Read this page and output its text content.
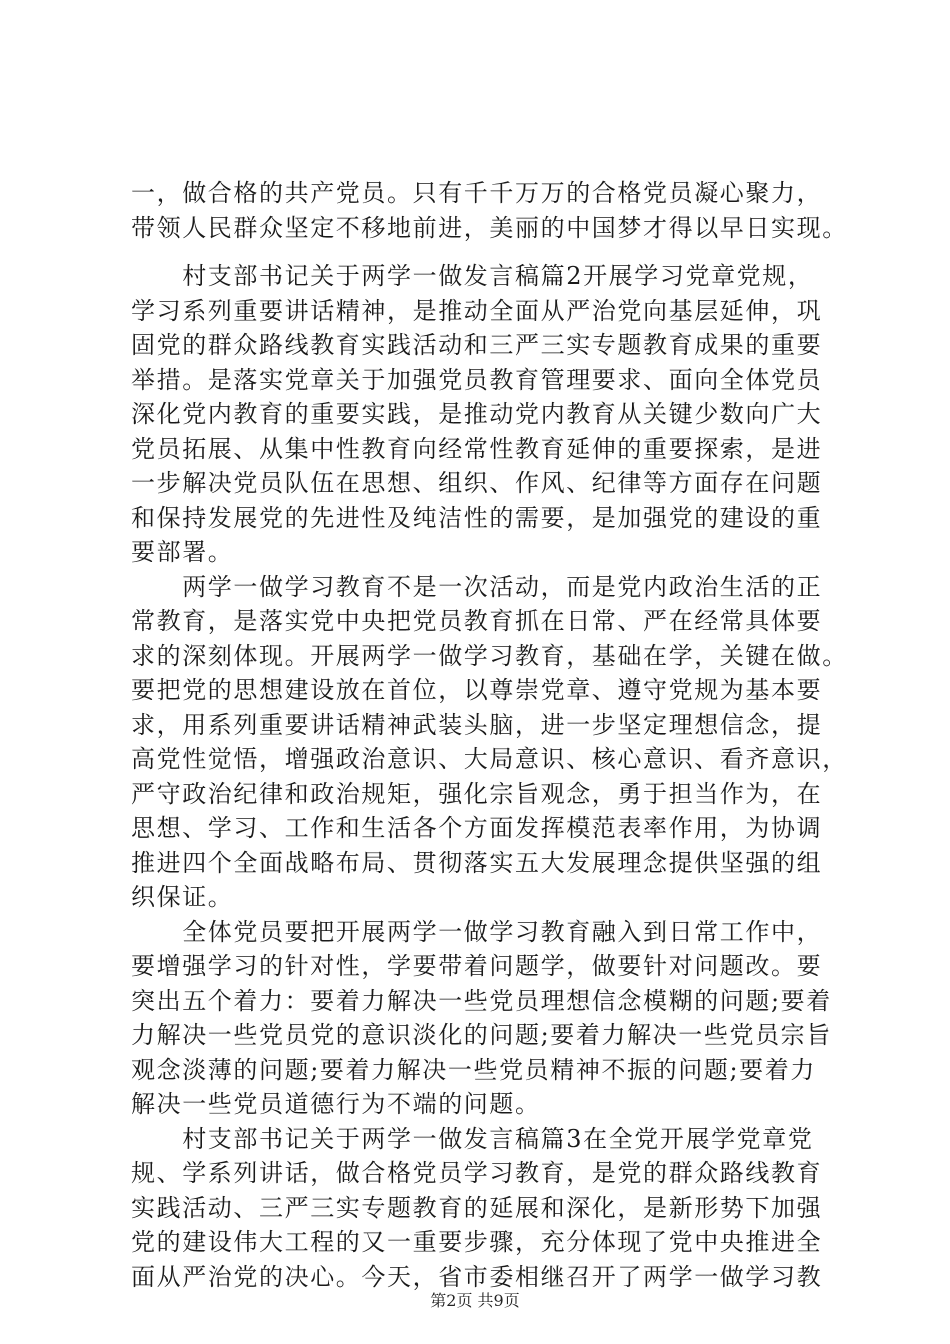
一，做合格的共产党员。只有千千万万的合格党员凝心聚力，
带领人民群众坚定不移地前进，美丽的中国梦才得以早日实现。
　　村支部书记关于两学一做发言稿篇2开展学习党章党规，
学习系列重要讲话精神，是推动全面从严治党向基层延伸，巩
固党的群众路线教育实践活动和三严三实专题教育成果的重要
举措。是落实党章关于加强党员教育管理要求、面向全体党员
深化党内教育的重要实践，是推动党内教育从关键少数向广大
党员拓展、从集中性教育向经常性教育延伸的重要探索，是进
一步解决党员队伍在思想、组织、作风、纪律等方面存在问题
和保持发展党的先进性及纯洁性的需要，是加强党的建设的重
要部署。
　　两学一做学习教育不是一次活动，而是党内政治生活的正
常教育，是落实党中央把党员教育抓在日常、严在经常具体要
求的深刻体现。开展两学一做学习教育，基础在学，关键在做。
要把党的思想建设放在首位，以尊崇党章、遵守党规为基本要
求，用系列重要讲话精神武装头脑，进一步坚定理想信念，提
高党性觉悟，增强政治意识、大局意识、核心意识、看齐意识，
严守政治纪律和政治规矩，强化宗旨观念，勇于担当作为，在
思想、学习、工作和生活各个方面发挥模范表率作用，为协调
推进四个全面战略布局、贯彻落实五大发展理念提供坚强的组
织保证。
　　全体党员要把开展两学一做学习教育融入到日常工作中，
要增强学习的针对性，学要带着问题学，做要针对问题改。要
突出五个着力：要着力解决一些党员理想信念模糊的问题;要着
力解决一些党员党的意识淡化的问题;要着力解决一些党员宗旨
观念淡薄的问题;要着力解决一些党员精神不振的问题;要着力
解决一些党员道德行为不端的问题。
　　村支部书记关于两学一做发言稿篇3在全党开展学党章党
规、学系列讲话，做合格党员学习教育，是党的群众路线教育
实践活动、三严三实专题教育的延展和深化，是新形势下加强
党的建设伟大工程的又一重要步骤，充分体现了党中央推进全
面从严治党的决心。今天，省市委相继召开了两学一做学习教
第2页 共9页
